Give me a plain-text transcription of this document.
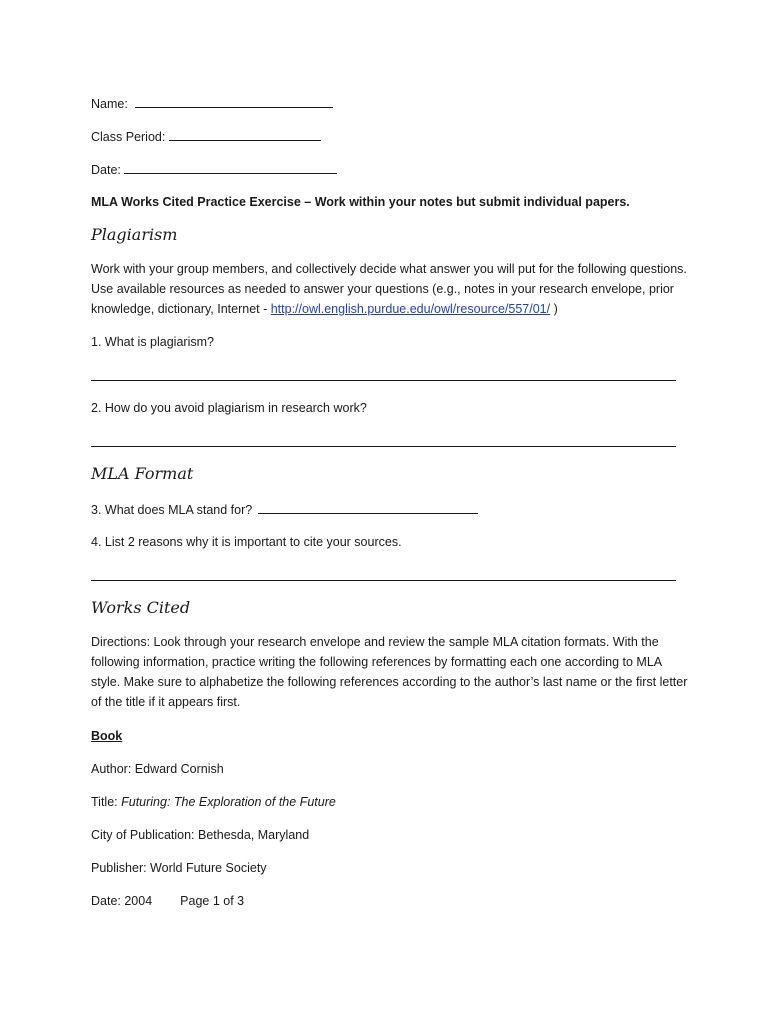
Name:
Class Period:
Date:
MLA Works Cited Practice Exercise – Work within your notes but submit individual papers.
Plagiarism
Work with your group members, and collectively decide what answer you will put for the following questions. Use available resources as needed to answer your questions (e.g., notes in your research envelope, prior knowledge, dictionary, Internet - http://owl.english.purdue.edu/owl/resource/557/01/ )
1. What is plagiarism?
2. How do you avoid plagiarism in research work?
MLA Format
3. What does MLA stand for?
4. List 2 reasons why it is important to cite your sources.
Works Cited
Directions: Look through your research envelope and review the sample MLA citation formats. With the following information, practice writing the following references by formatting each one according to MLA style. Make sure to alphabetize the following references according to the author’s last name or the first letter of the title if it appears first.
Book
Author: Edward Cornish
Title: Futuring: The Exploration of the Future
City of Publication: Bethesda, Maryland
Publisher: World Future Society
Date: 2004 Page 1 of 3
